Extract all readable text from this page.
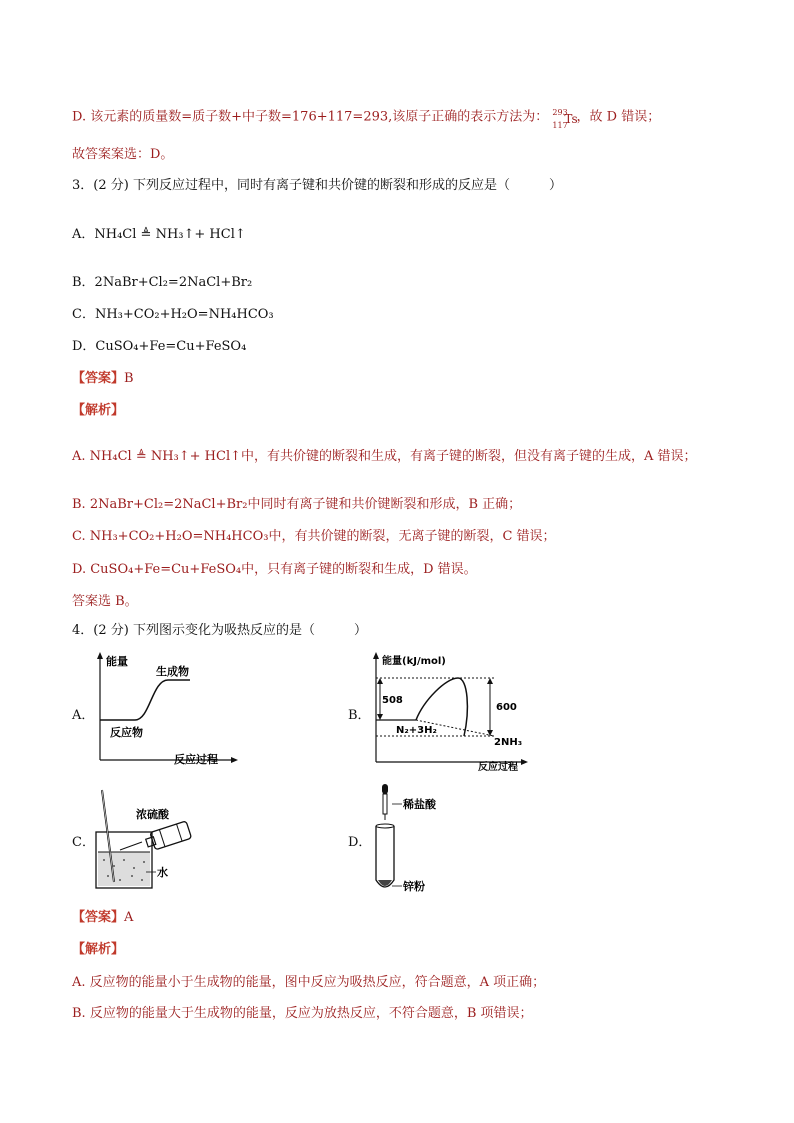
D. 该元素的质量数=质子数+中子数=176+117=293,该原子正确的表示方法为： 293
117
Ts
，故 D 错误；
故答案案选：D。
3．(2 分) 下列反应过程中，同时有离子键和共价键的断裂和形成的反应是（　　　）
A．NH₄Cl ≜ NH₃↑+ HCl↑
B．2NaBr+Cl₂=2NaCl+Br₂
C．NH₃+CO₂+H₂O=NH₄HCO₃
D．CuSO₄+Fe=Cu+FeSO₄
【答案】B
【解析】
A. NH₄Cl ≜ NH₃↑+ HCl↑中，有共价键的断裂和生成，有离子键的断裂，但没有离子键的生成，A 错误；
B. 2NaBr+Cl₂=2NaCl+Br₂中同时有离子键和共价键断裂和形成，B 正确；
C. NH₃+CO₂+H₂O=NH₄HCO₃中，有共价键的断裂，无离子键的断裂，C 错误；
D. CuSO₄+Fe=Cu+FeSO₄中，只有离子键的断裂和生成，D 错误。
答案选 B。
4．(2 分) 下列图示变化为吸热反应的是（　　　）
A．	B．
C．	D．
能量
生成物
反应物
反应过程
能量(kJ/mol)
508
600
N₂+3H₂
2NH₃
反应过程
浓硫酸
水
稀盐酸
锌粉
【答案】A
【解析】
A. 反应物的能量小于生成物的能量，图中反应为吸热反应，符合题意，A 项正确；
B. 反应物的能量大于生成物的能量，反应为放热反应，不符合题意，B 项错误；
